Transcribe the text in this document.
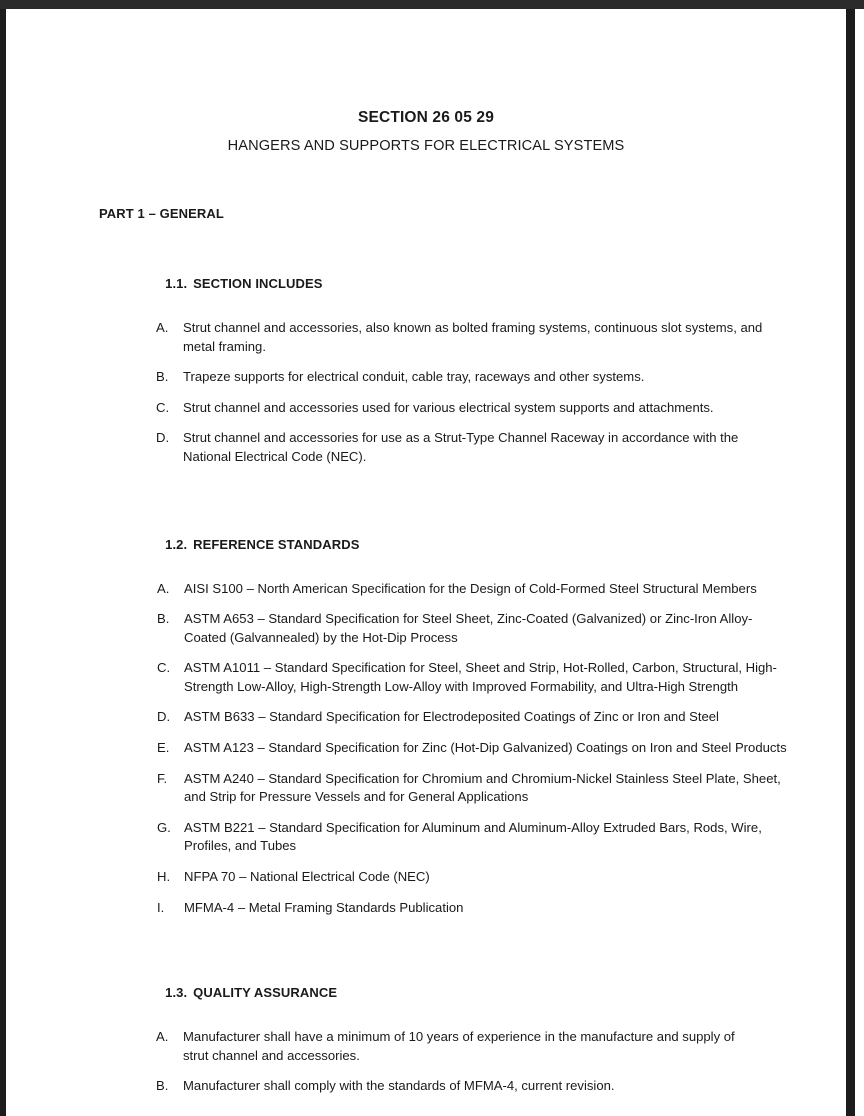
SECTION 26 05 29
HANGERS AND SUPPORTS FOR ELECTRICAL SYSTEMS
PART 1 – GENERAL

1.1. SECTION INCLUDES

A.	Strut channel and accessories, also known as bolted framing systems, continuous slot systems, and metal framing.
B.	Trapeze supports for electrical conduit, cable tray, raceways and other systems.
C.	Strut channel and accessories used for various electrical system supports and attachments.
D.	Strut channel and accessories for use as a Strut-Type Channel Raceway in accordance with the National Electrical Code (NEC).

1.2. REFERENCE STANDARDS

A.	AISI S100 – North American Specification for the Design of Cold-Formed Steel Structural Members
B.	ASTM A653 – Standard Specification for Steel Sheet, Zinc-Coated (Galvanized) or Zinc-Iron Alloy-Coated (Galvannealed) by the Hot-Dip Process
C.	ASTM A1011 – Standard Specification for Steel, Sheet and Strip, Hot-Rolled, Carbon, Structural, High-Strength Low-Alloy, High-Strength Low-Alloy with Improved Formability, and Ultra-High Strength
D.	ASTM B633 – Standard Specification for Electrodeposited Coatings of Zinc or Iron and Steel
E.	ASTM A123 – Standard Specification for Zinc (Hot-Dip Galvanized) Coatings on Iron and Steel Products
F.	ASTM A240 – Standard Specification for Chromium and Chromium-Nickel Stainless Steel Plate, Sheet, and Strip for Pressure Vessels and for General Applications
G.	ASTM B221 – Standard Specification for Aluminum and Aluminum-Alloy Extruded Bars, Rods, Wire, Profiles, and Tubes
H.	NFPA 70 – National Electrical Code (NEC)
I.	MFMA-4 – Metal Framing Standards Publication

1.3. QUALITY ASSURANCE

A.	Manufacturer shall have a minimum of 10 years of experience in the manufacture and supply of strut channel and accessories.
B.	Manufacturer shall comply with the standards of MFMA-4, current revision.
